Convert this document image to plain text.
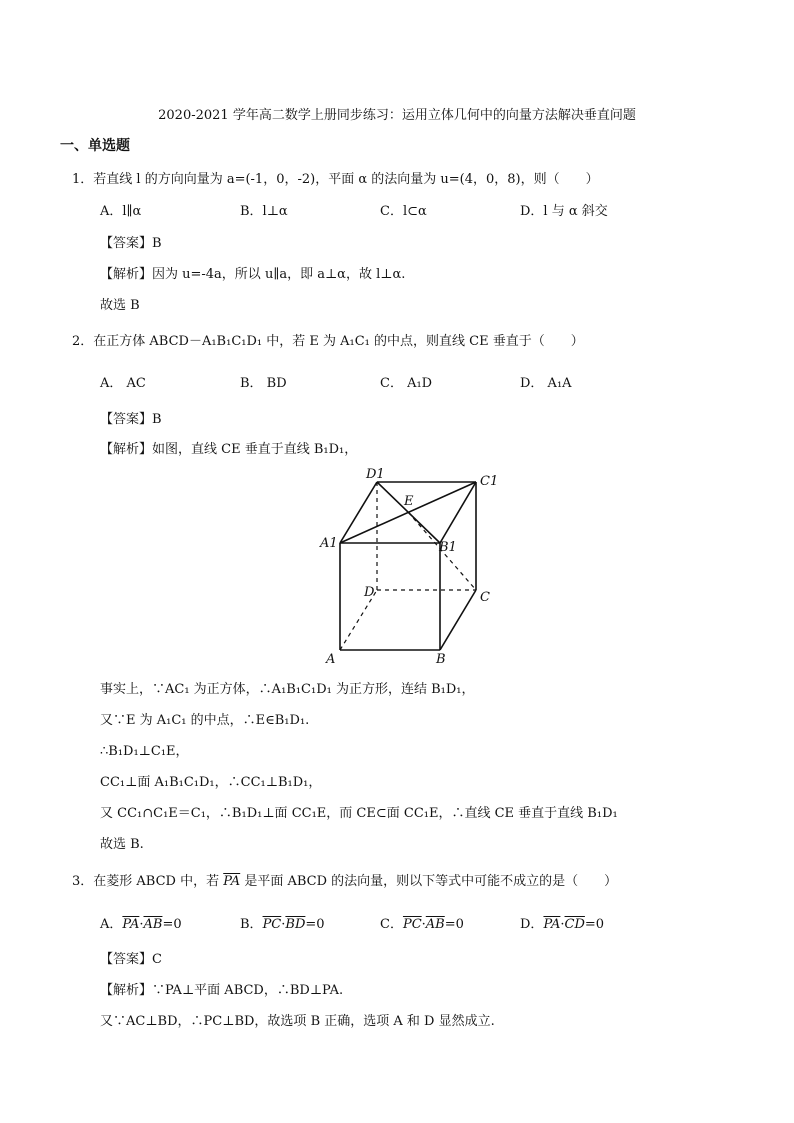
2020-2021 学年高二数学上册同步练习：运用立体几何中的向量方法解决垂直问题
一、单选题
1．若直线 l 的方向向量为 a=(-1，0，-2)，平面 α 的法向量为 u=(4，0，8)，则（　　）
A．l∥α	B．l⊥α	C．l⊂α	D．l 与 α 斜交
【答案】B
【解析】因为 u=-4a，所以 u∥a，即 a⊥α，故 l⊥α.
故选 B
2．在正方体 ABCD－A₁B₁C₁D₁ 中，若 E 为 A₁C₁ 的中点，则直线 CE 垂直于（　　）
A． AC	B． BD	C． A₁D	D． A₁A
【答案】B
【解析】如图，直线 CE 垂直于直线 B₁D₁，
D1
E
C1
A1	B1
D	C
A	B
事实上，∵AC₁ 为正方体，∴A₁B₁C₁D₁ 为正方形，连结 B₁D₁，
又∵E 为 A₁C₁ 的中点，∴E∈B₁D₁.
∴B₁D₁⊥C₁E，
CC₁⊥面 A₁B₁C₁D₁，∴CC₁⊥B₁D₁，
又 CC₁∩C₁E＝C₁，∴B₁D₁⊥面 CC₁E，而 CE⊂面 CC₁E，∴直线 CE 垂直于直线 B₁D₁
故选 B.
3．在菱形 ABCD 中，若 $\overline{PA}$ 是平面 ABCD 的法向量，则以下等式中可能不成立的是（　　）
A．$\overline{PA}\cdot\overline{AB}=0$	B．$\overline{PC}\cdot\overline{BD}=0$	C．$\overline{PC}\cdot\overline{AB}=0$	D．$\overline{PA}\cdot\overline{CD}=0$
【答案】C
【解析】∵PA⊥平面 ABCD，∴BD⊥PA.
又∵AC⊥BD，∴PC⊥BD，故选项 B 正确，选项 A 和 D 显然成立.
